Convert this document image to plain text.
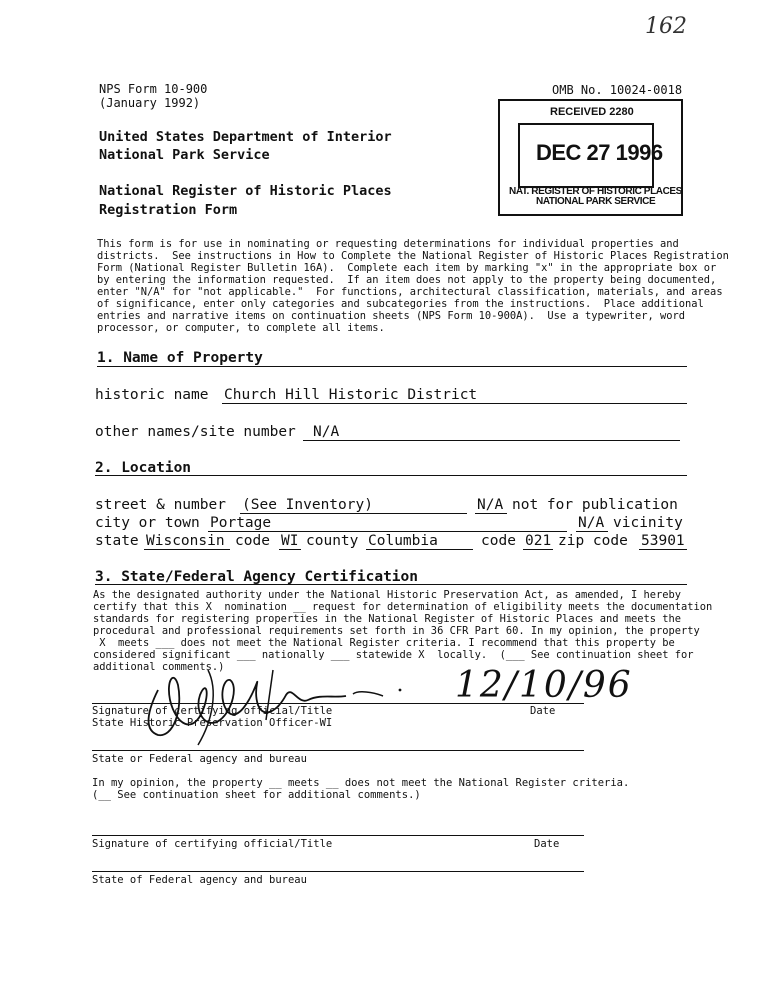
162
NPS Form 10-900
(January 1992)
OMB No. 10024-0018
United States Department of Interior
National Park Service
National Register of Historic Places
Registration Form
RECEIVED 2280
DEC 27 1996
NAT. REGISTER OF HISTORIC PLACES
NATIONAL PARK SERVICE
This form is for use in nominating or requesting determinations for individual properties and
districts.  See instructions in How to Complete the National Register of Historic Places Registration
Form (National Register Bulletin 16A).  Complete each item by marking "x" in the appropriate box or
by entering the information requested.  If an item does not apply to the property being documented,
enter "N/A" for "not applicable."  For functions, architectural classification, materials, and areas
of significance, enter only categories and subcategories from the instructions.  Place additional
entries and narrative items on continuation sheets (NPS Form 10-900A).  Use a typewriter, word
processor, or computer, to complete all items.
1. Name of Property
historic name Church Hill Historic District
other names/site number N/A
2. Location
street & number (See Inventory)	N/A not for publication
city or town Portage	N/A vicinity
state Wisconsin code WI county Columbia	code 021 zip code 53901
3. State/Federal Agency Certification
As the designated authority under the National Historic Preservation Act, as amended, I hereby
certify that this X  nomination __ request for determination of eligibility meets the documentation
standards for registering properties in the National Register of Historic Places and meets the
procedural and professional requirements set forth in 36 CFR Part 60. In my opinion, the property
X  meets ___ does not meet the National Register criteria. I recommend that this property be
considered significant ___ nationally ___ statewide X  locally.  (___ See continuation sheet for
additional comments.)	12/10/96
Signature of certifying official/Title	Date
State Historic Preservation Officer-WI
State or Federal agency and bureau
In my opinion, the property __ meets __ does not meet the National Register criteria.
(__ See continuation sheet for additional comments.)
Signature of certifying official/Title	Date
State of Federal agency and bureau
